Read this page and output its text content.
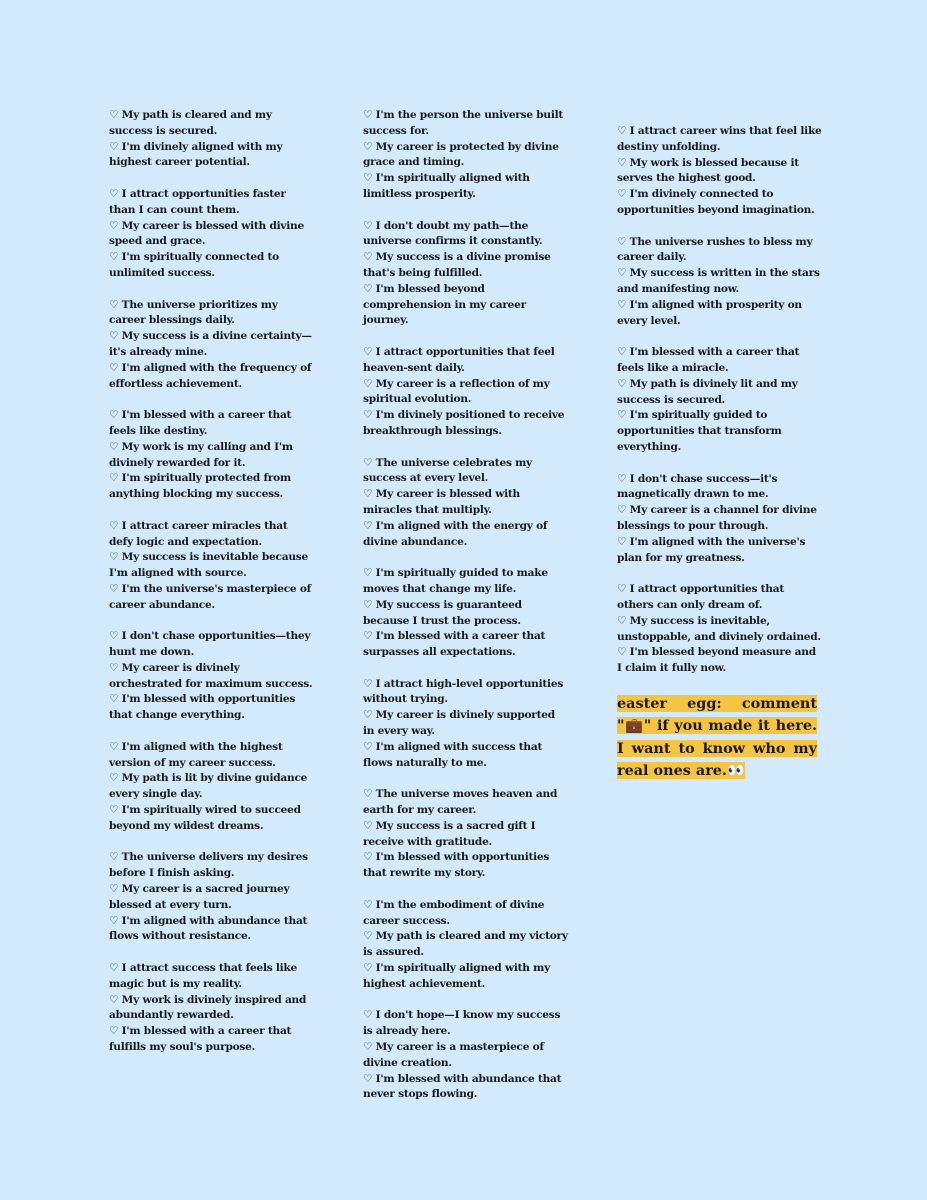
♡ My path is cleared and my success is secured.
♡ I'm divinely aligned with my highest career potential.
♡ I attract opportunities faster than I can count them.
♡ My career is blessed with divine speed and grace.
♡ I'm spiritually connected to unlimited success.
♡ The universe prioritizes my career blessings daily.
♡ My success is a divine certainty—it's already mine.
♡ I'm aligned with the frequency of effortless achievement.
♡ I'm blessed with a career that feels like destiny.
♡ My work is my calling and I'm divinely rewarded for it.
♡ I'm spiritually protected from anything blocking my success.
♡ I attract career miracles that defy logic and expectation.
♡ My success is inevitable because I'm aligned with source.
♡ I'm the universe's masterpiece of career abundance.
♡ I don't chase opportunities—they hunt me down.
♡ My career is divinely orchestrated for maximum success.
♡ I'm blessed with opportunities that change everything.
♡ I'm aligned with the highest version of my career success.
♡ My path is lit by divine guidance every single day.
♡ I'm spiritually wired to succeed beyond my wildest dreams.
♡ The universe delivers my desires before I finish asking.
♡ My career is a sacred journey blessed at every turn.
♡ I'm aligned with abundance that flows without resistance.
♡ I attract success that feels like magic but is my reality.
♡ My work is divinely inspired and abundantly rewarded.
♡ I'm blessed with a career that fulfills my soul's purpose.
♡ I'm the person the universe built success for.
♡ My career is protected by divine grace and timing.
♡ I'm spiritually aligned with limitless prosperity.
♡ I don't doubt my path—the universe confirms it constantly.
♡ My success is a divine promise that's being fulfilled.
♡ I'm blessed beyond comprehension in my career journey.
♡ I attract opportunities that feel heaven-sent daily.
♡ My career is a reflection of my spiritual evolution.
♡ I'm divinely positioned to receive breakthrough blessings.
♡ The universe celebrates my success at every level.
♡ My career is blessed with miracles that multiply.
♡ I'm aligned with the energy of divine abundance.
♡ I'm spiritually guided to make moves that change my life.
♡ My success is guaranteed because I trust the process.
♡ I'm blessed with a career that surpasses all expectations.
♡ I attract high-level opportunities without trying.
♡ My career is divinely supported in every way.
♡ I'm aligned with success that flows naturally to me.
♡ The universe moves heaven and earth for my career.
♡ My success is a sacred gift I receive with gratitude.
♡ I'm blessed with opportunities that rewrite my story.
♡ I'm the embodiment of divine career success.
♡ My path is cleared and my victory is assured.
♡ I'm spiritually aligned with my highest achievement.
♡ I don't hope—I know my success is already here.
♡ My career is a masterpiece of divine creation.
♡ I'm blessed with abundance that never stops flowing.
♡ I attract career wins that feel like destiny unfolding.
♡ My work is blessed because it serves the highest good.
♡ I'm divinely connected to opportunities beyond imagination.
♡ The universe rushes to bless my career daily.
♡ My success is written in the stars and manifesting now.
♡ I'm aligned with prosperity on every level.
♡ I'm blessed with a career that feels like a miracle.
♡ My path is divinely lit and my success is secured.
♡ I'm spiritually guided to opportunities that transform everything.
♡ I don't chase success—it's magnetically drawn to me.
♡ My career is a channel for divine blessings to pour through.
♡ I'm aligned with the universe's plan for my greatness.
♡ I attract opportunities that others can only dream of.
♡ My success is inevitable, unstoppable, and divinely ordained.
♡ I'm blessed beyond measure and I claim it fully now.
easter egg: comment "💼" if you made it here. I want to know who my real ones are.👀
